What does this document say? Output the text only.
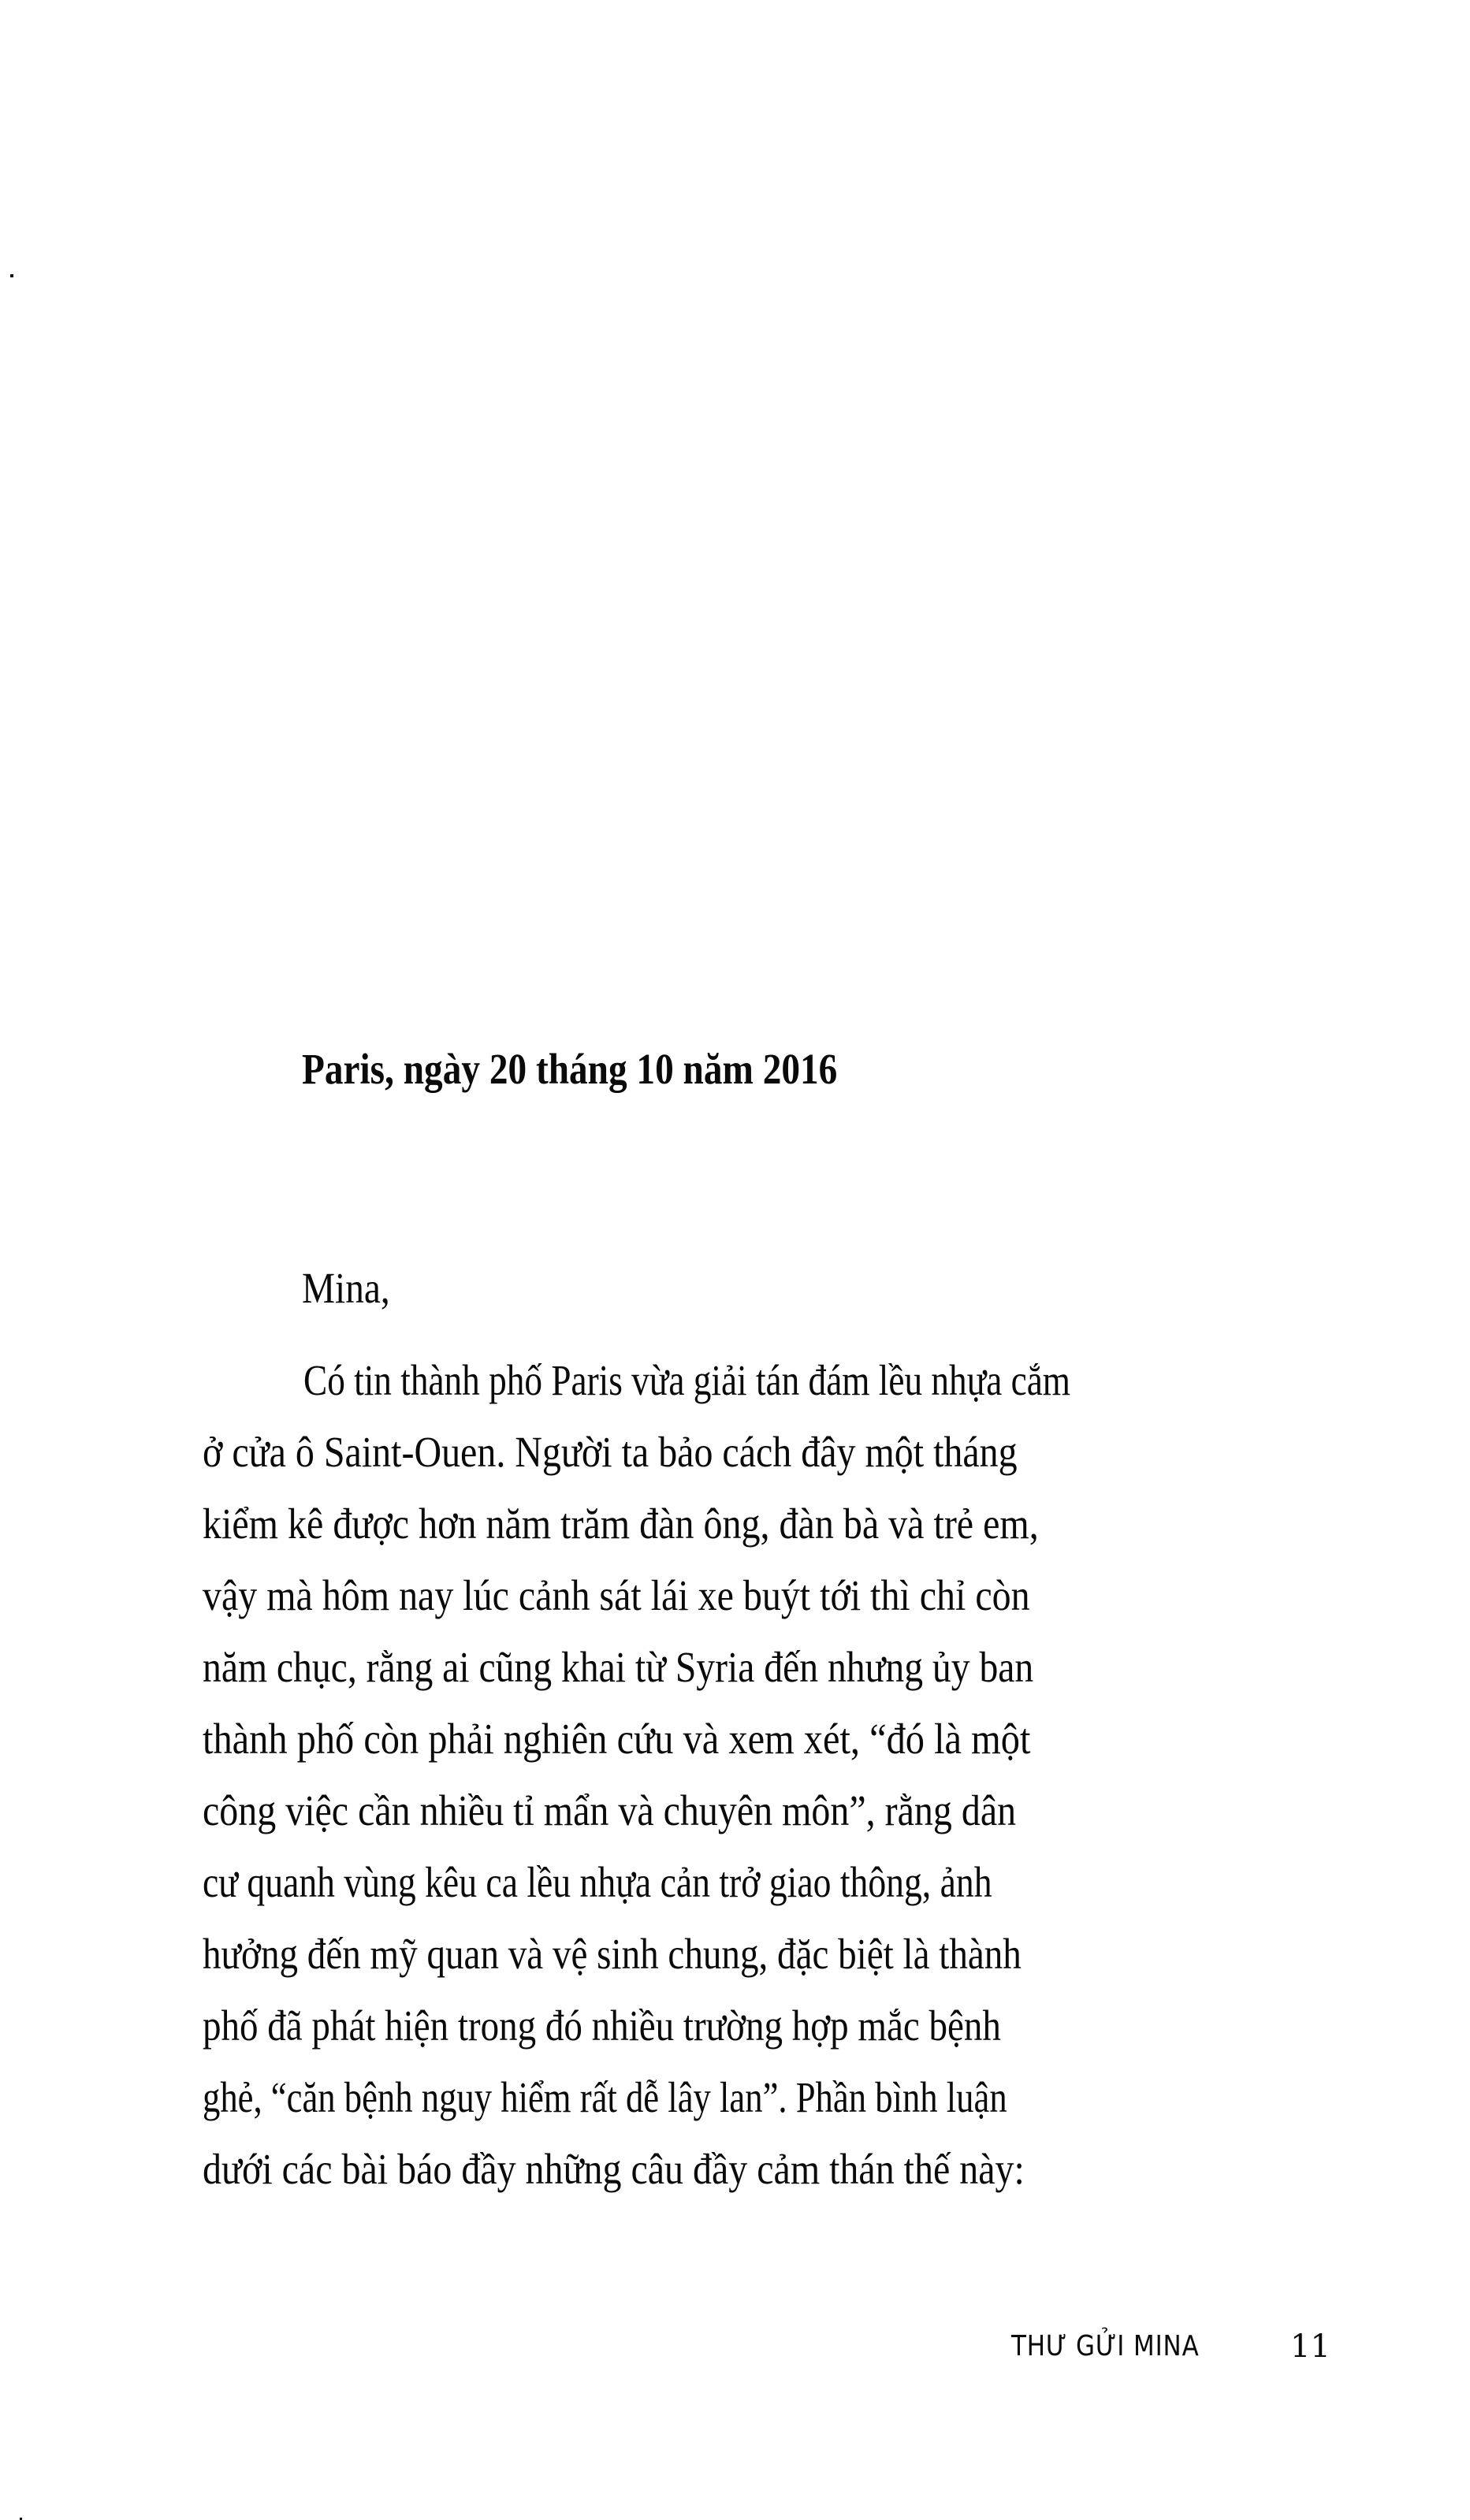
Paris, ngày 20 tháng 10 năm 2016
Mina,
Có tin thành phố Paris vừa giải tán đám lều nhựa cắm
ở cửa ô Saint-Ouen. Người ta bảo cách đây một tháng
kiểm kê được hơn năm trăm đàn ông, đàn bà và trẻ em,
vậy mà hôm nay lúc cảnh sát lái xe buýt tới thì chỉ còn
năm chục, rằng ai cũng khai từ Syria đến nhưng ủy ban
thành phố còn phải nghiên cứu và xem xét, “đó là một
công việc cần nhiều tỉ mẩn và chuyên môn”, rằng dân
cư quanh vùng kêu ca lều nhựa cản trở giao thông, ảnh
hưởng đến mỹ quan và vệ sinh chung, đặc biệt là thành
phố đã phát hiện trong đó nhiều trường hợp mắc bệnh
ghẻ, “căn bệnh nguy hiểm rất dễ lây lan”. Phần bình luận
dưới các bài báo đầy những câu đầy cảm thán thế này:
THƯ GỬI MINA	11
